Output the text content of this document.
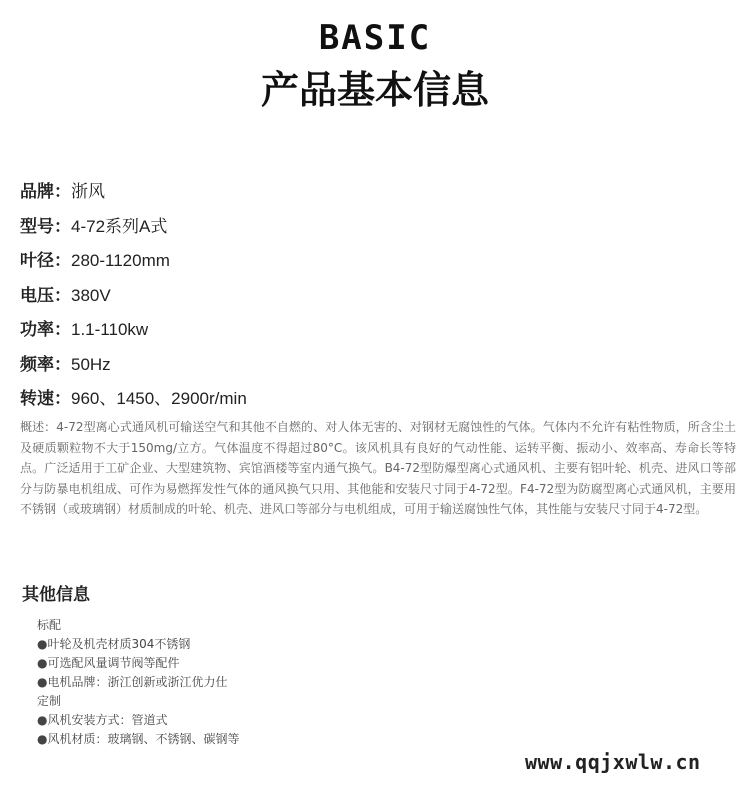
BASIC
产品基本信息
品牌：浙风
型号：4-72系列A式
叶径：280-1120mm
电压：380V
功率：1.1-110kw
频率：50Hz
转速：960、1450、2900r/min
概述：4-72型离心式通风机可输送空气和其他不自燃的、对人体无害的、对钢材无腐蚀性的气体。气体内不允许有粘性物质，所含尘土及硬质颗粒物不大于150mg/立方。气体温度不得超过80°C。该风机具有良好的气动性能、运转平衡、振动小、效率高、寿命长等特点。广泛适用于工矿企业、大型建筑物、宾馆酒楼等室内通气换气。B4-72型防爆型离心式通风机、主要有铝叶轮、机壳、进风口等部分与防暴电机组成、可作为易燃挥发性气体的通风换气只用、其他能和安装尺寸同于4-72型。F4-72型为防腐型离心式通风机，主要用不锈钢（或玻璃钢）材质制成的叶轮、机壳、进风口等部分与电机组成，可用于输送腐蚀性气体，其性能与安装尺寸同于4-72型。
其他信息
标配
●叶轮及机壳材质304不锈钢
●可选配风量调节阀等配件
●电机品牌：浙江创新或浙江优力仕
定制
●风机安装方式：管道式
●风机材质：玻璃钢、不锈钢、碳钢等
www.qqjxwlw.cn
